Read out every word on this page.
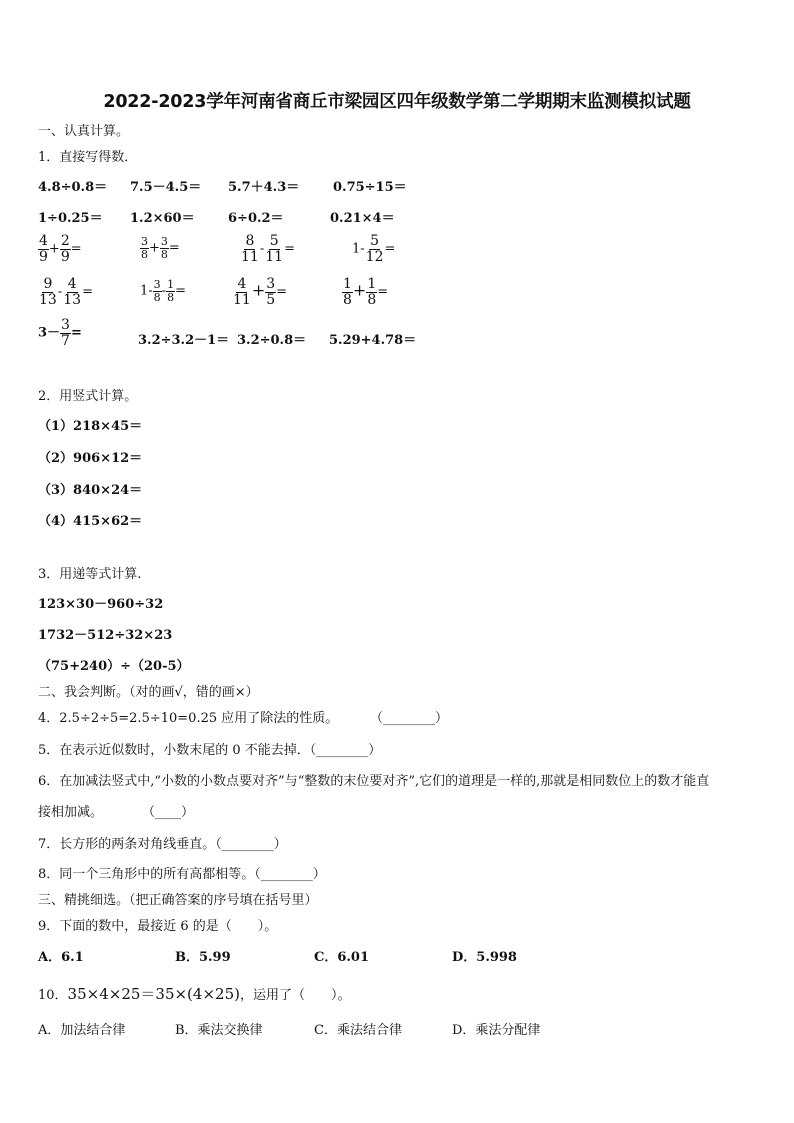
2022-2023学年河南省商丘市梁园区四年级数学第二学期期末监测模拟试题
一、认真计算。
1．直接写得数．
4.8÷0.8＝ 7.5－4.5＝ 5.7＋4.3＝	0.75÷15＝
1÷0.25＝ 1.2×60＝	6÷0.2＝	0.21×4＝
$\frac{4}{9} + \frac{2}{9}$ =	$\frac{3}{8} + \frac{3}{8}$ =	$\frac{8}{11} - \frac{5}{11}$ =	$1- \frac{5}{12}$ =
$\frac{9}{13} - \frac{4}{13}$ =	$1- \frac{3}{8} - \frac{1}{8}$ =	$\frac{4}{11} + \frac{3}{5}$ =	$\frac{1}{8} + \frac{1}{8}$ =
$3- \frac{3}{7}$ =	3.2÷3.2－1＝ 3.2÷0.8＝ 5.29+4.78＝
2．用竖式计算。
（1）218×45＝
（2）906×12＝
（3）840×24＝
（4）415×62＝
3．用递等式计算.
123×30－960÷32
1732－512÷32×23
（75+240）÷（20-5）
二、我会判断。（对的画√，错的画×）
4．2.5÷2÷5=2.5÷10=0.25 应用了除法的性质。 （________）
5．在表示近似数时，小数末尾的 0 不能去掉．（________）
6．在加减法竖式中,“小数的小数点要对齐”与“整数的末位要对齐”,它们的道理是一样的,那就是相同数位上的数才能直
接相加减。	（____）
7．长方形的两条对角线垂直。（________）
8．同一个三角形中的所有高都相等。（________）
三、精挑细选。（把正确答案的序号填在括号里）
9．下面的数中，最接近 6 的是（　　）。
A．6.1	B．5.99	C．6.01	D．5.998
10．35×4×25＝35×(4×25)，运用了（　　）。
A．加法结合律	B．乘法交换律	C．乘法结合律	D．乘法分配律
